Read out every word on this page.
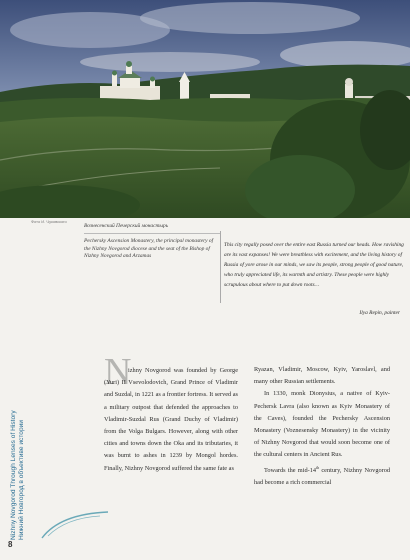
Фото И. Чуковского
Вознесенский Печерский монастырь
Pechersky Ascension Monastery, the principal monastery of the Nizhny Novgorod diocese and the seat of the Bishop of Nizhny Novgorod and Arzamas
This city regally posed over the entire east Russia turned our heads. How ravishing are its vast expanses! We were breathless with excitement, and the living history of Russia of yore arose in our minds, we saw its people, strong people of good nature, who truly appreciated life, its warmth and artistry. These people were highly scrupulous about where to put down roots…
Ilya Repin, painter
Nizhny Novgorod Through Lenses of History Нижний Новгород в объективе истории
8
N

izhny Novgorod was founded by George (Yuri) II Vsevolodovich, Grand Prince of Vladimir and Suzdal, in 1221 as a frontier fortress. It served as a military outpost that defended the approaches to Vladimir-Suzdal Rus (Grand Duchy of Vladimir) from the Volga Bulgars. However, along with other cities and towns down the Oka and its tributaries, it was burnt to ashes in 1239 by Mongol hordes. Finally, Nizhny Novgorod suffered the same fate as

Ryazan, Vladimir, Moscow, Kyiv, Yaroslavl, and many other Russian settlements.

In 1330, monk Dionysius, a native of Kyiv-Pechersk Lavra (also known as Kyiv Monastery of the Caves), founded the Pechersky Ascension Monastery (Voznesensky Monastery) in the vicinity of Nizhny Novgorod that would soon become one of the cultural centers in Ancient Rus.

Towards the mid-14th century, Nizhny Novgorod had become a rich commercial
